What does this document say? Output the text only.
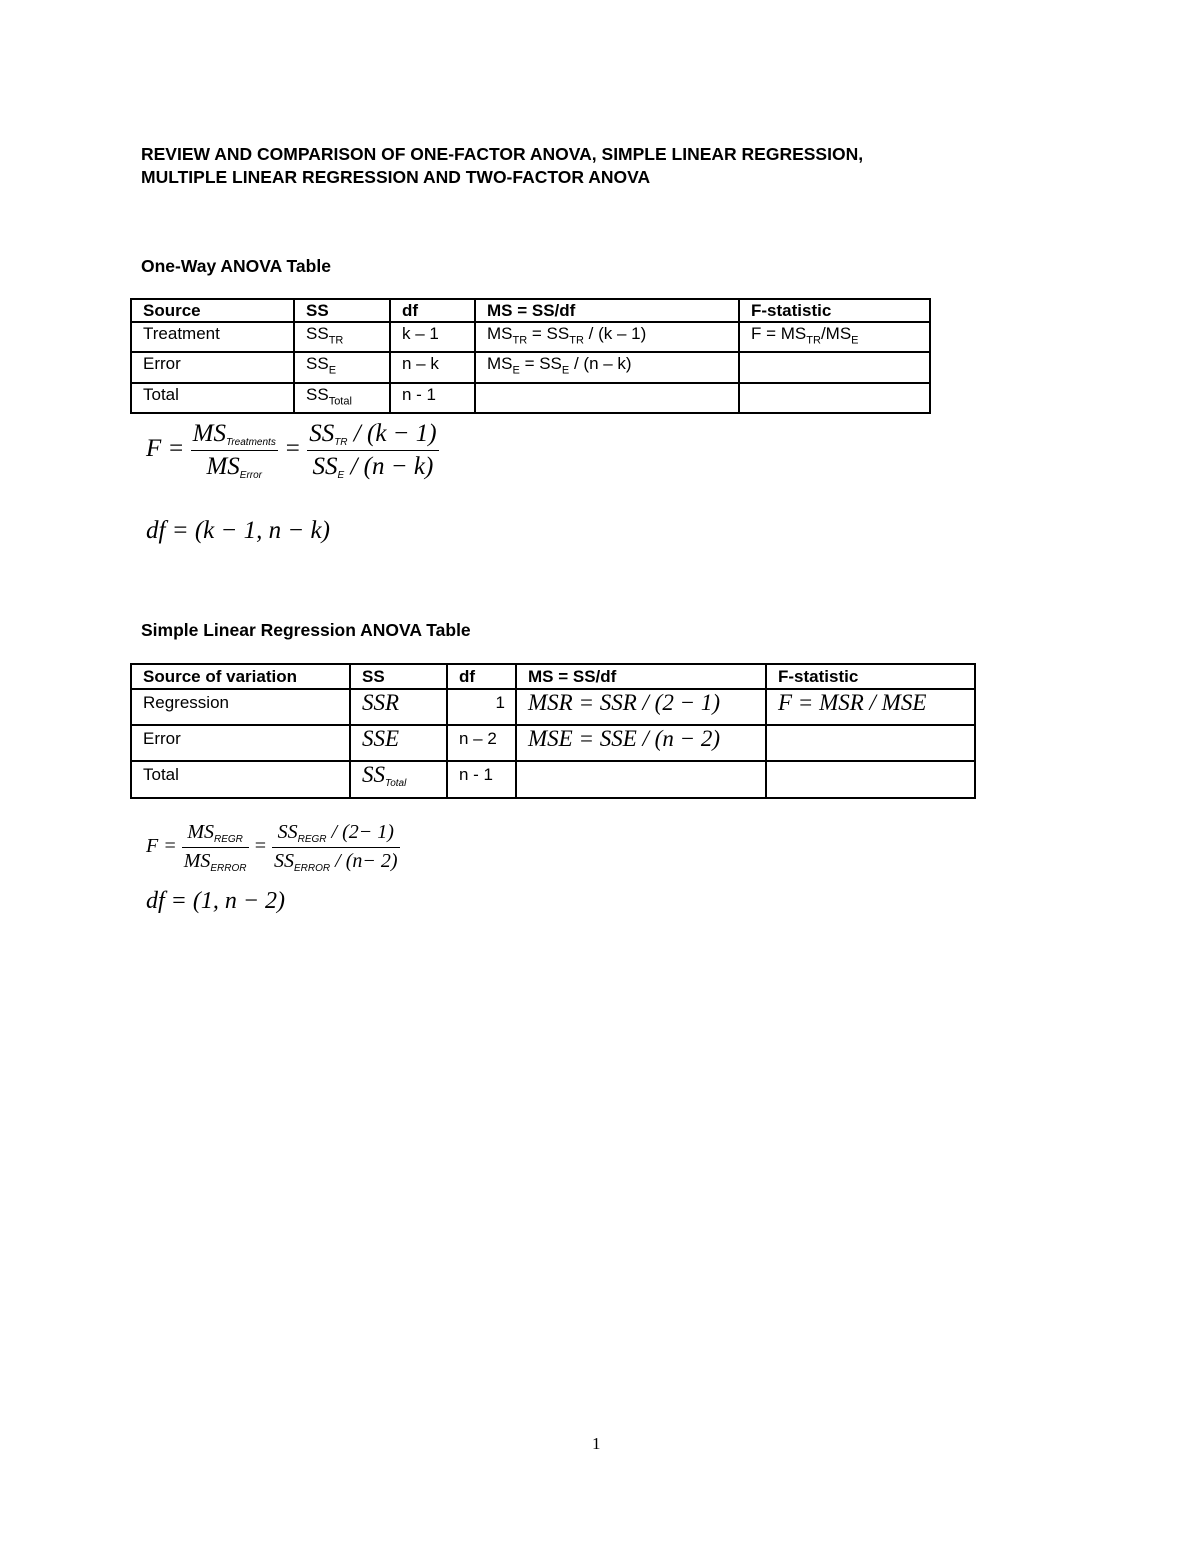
REVIEW AND COMPARISON OF ONE-FACTOR ANOVA, SIMPLE LINEAR REGRESSION,
MULTIPLE LINEAR REGRESSION AND TWO-FACTOR ANOVA
One-Way ANOVA Table
Source	SS	df	MS = SS/df	F-statistic
Treatment	$SS_{TR}$	k – 1	$MS_{TR} = SS_{TR} / (k - 1)$	$F = MS_{TR}/MS_E$
Error	$SS_E$	n – k	$MS_E = SS_E / (n - k)$	
Total	$SS_{Total}$	n - 1		
$F = \frac{MS_{Treatments}}{MS_{Error}} = \frac{SS_{TR} / (k - 1)}{SS_E / (n - k)}$
df = (k − 1, n − k)
Simple Linear Regression ANOVA Table
Source of variation	SS	df	MS = SS/df	F-statistic
Regression	SSR	1	MSR = SSR / (2 − 1)	F = MSR / MSE
Error	SSE	n – 2	MSE = SSE / (n − 2)	
Total	$SS_{Total}$	n - 1		
$F = \frac{MS_{REGR}}{MS_{ERROR}} = \frac{SS_{REGR} / (2- 1)}{SS_{ERROR} / (n- 2)}$
df = (1, n − 2)
1
